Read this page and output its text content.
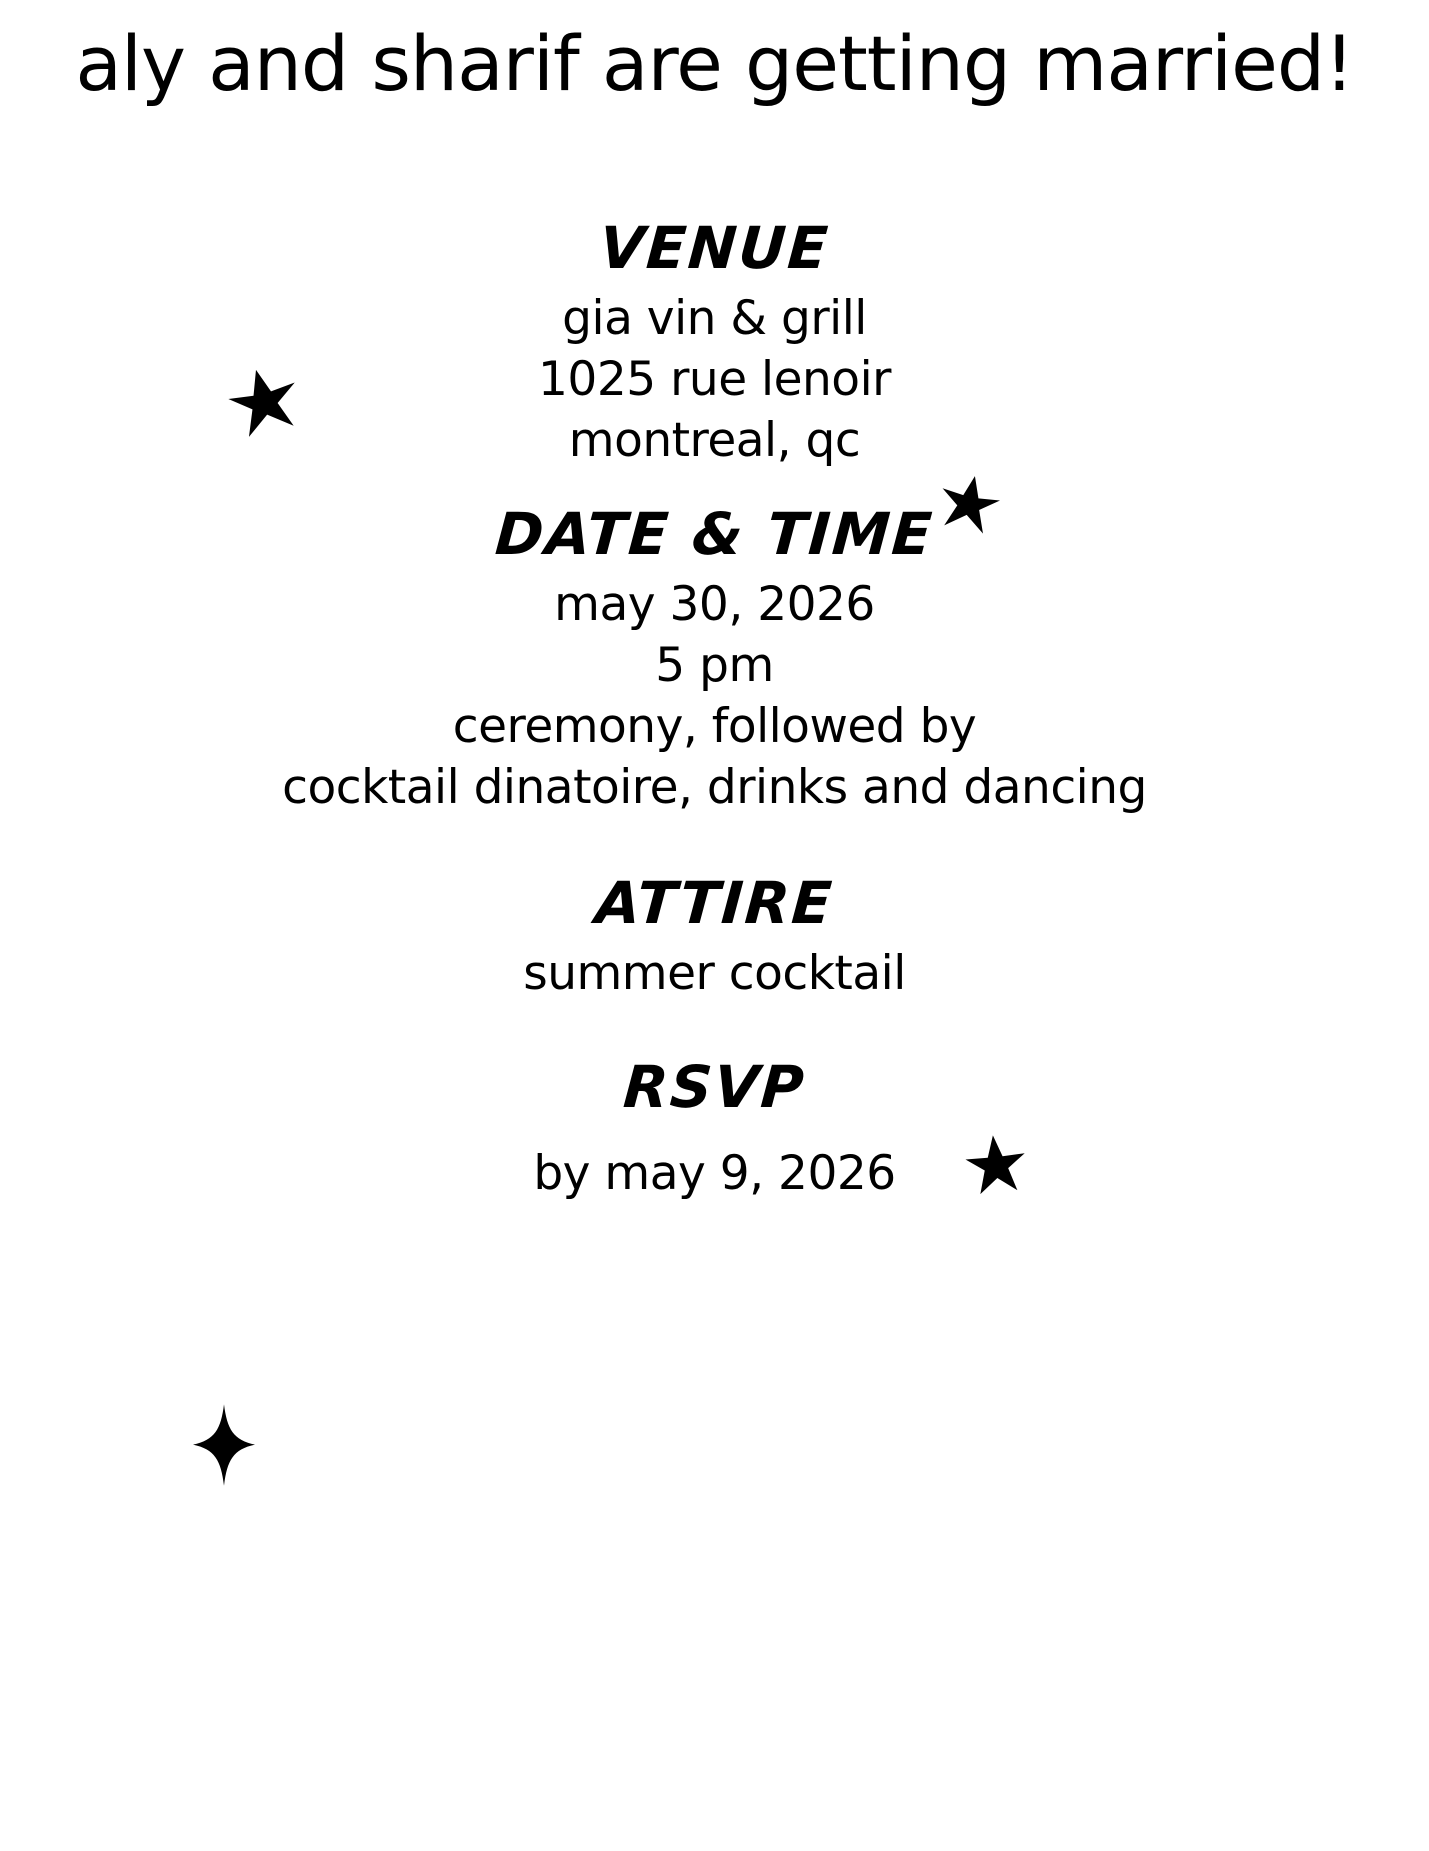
aly and sharif are getting married!
VENUE
gia vin & grill
1025 rue lenoir
montreal, qc
DATE & TIME
may 30, 2026
5 pm
ceremony, followed by
cocktail dinatoire, drinks and dancing
ATTIRE
summer cocktail
RSVP
by may 9, 2026
